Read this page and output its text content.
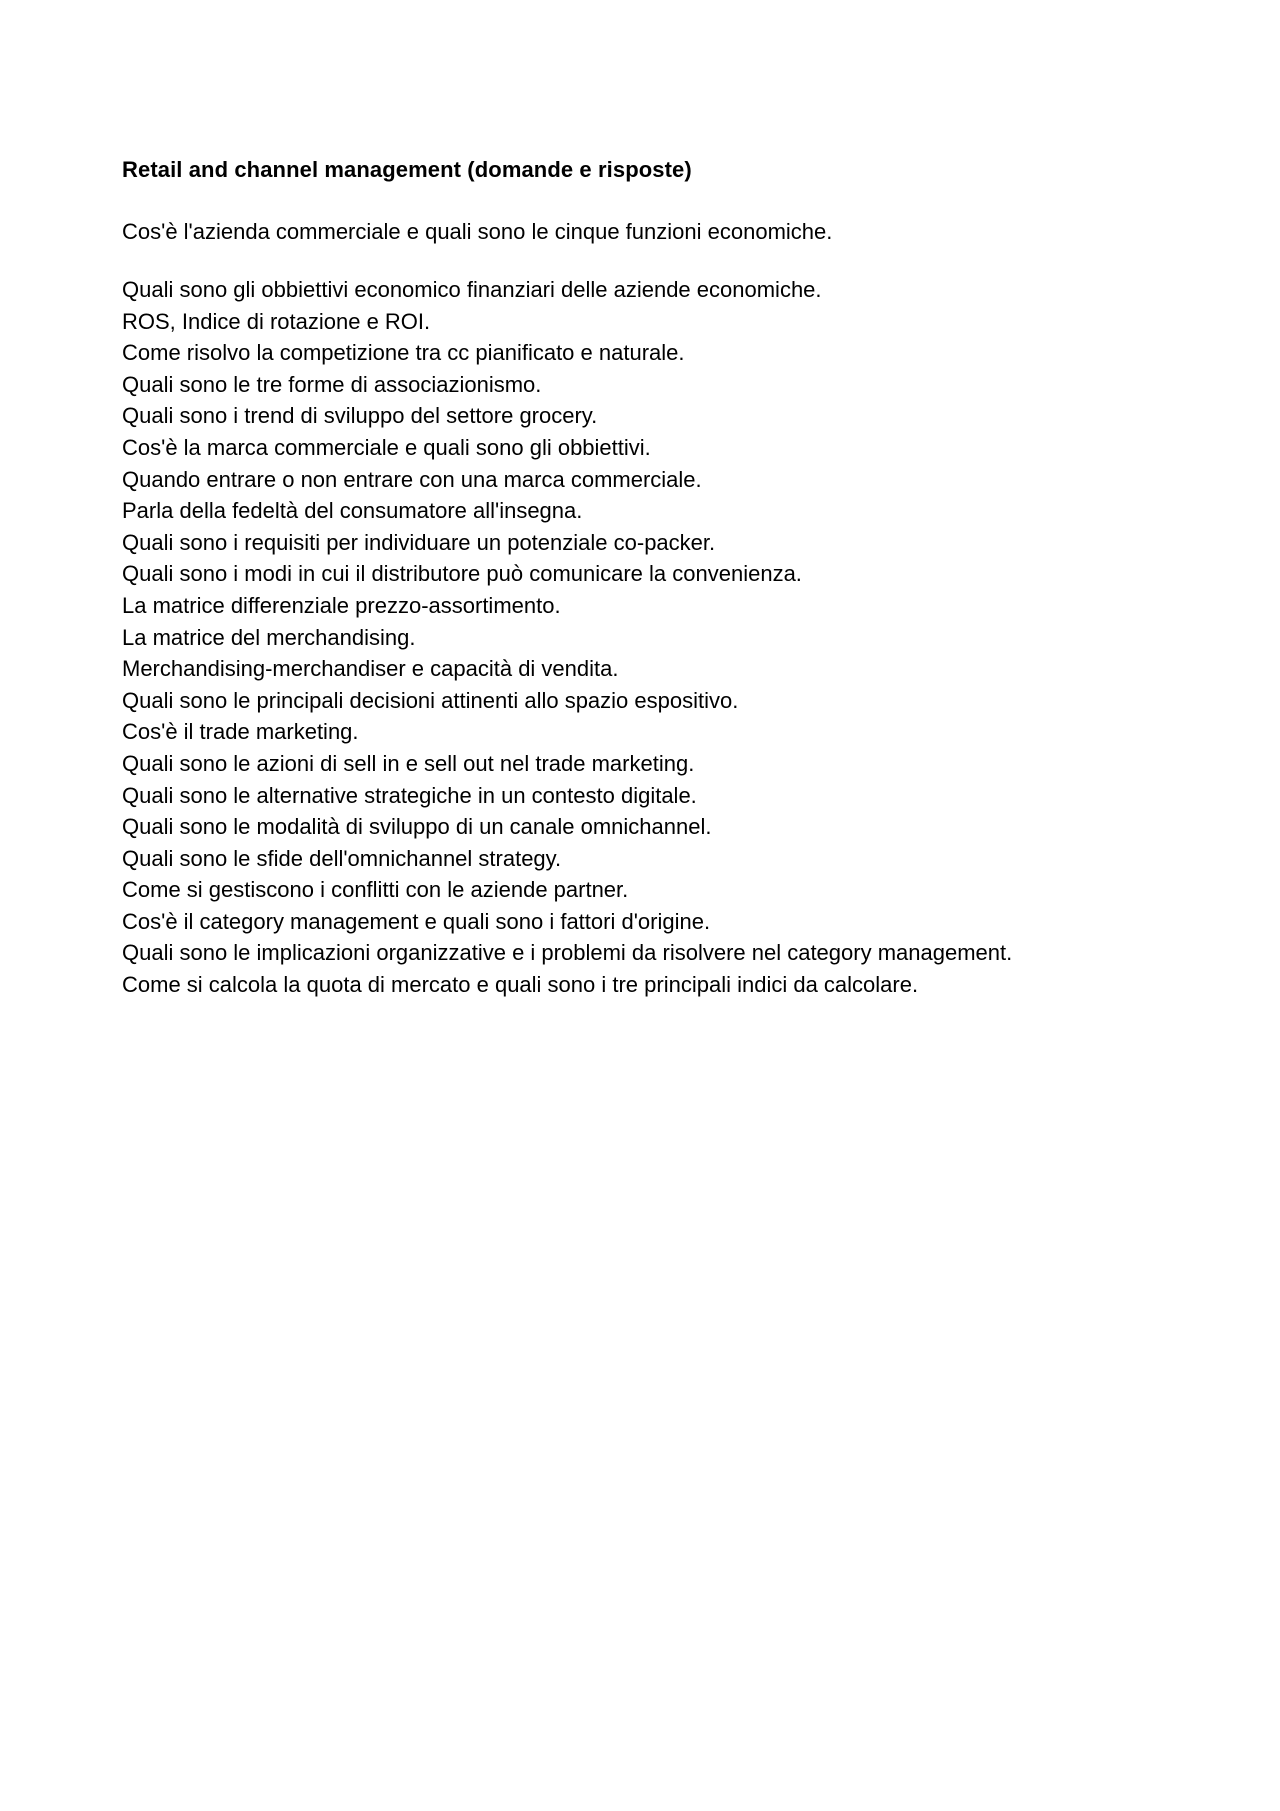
Retail and channel management (domande e risposte)

Cos'è l'azienda commerciale e quali sono le cinque funzioni economiche.

Quali sono gli obbiettivi economico finanziari delle aziende economiche.
ROS, Indice di rotazione e ROI.
Come risolvo la competizione tra cc pianificato e naturale.
Quali sono le tre forme di associazionismo.
Quali sono i trend di sviluppo del settore grocery.
Cos'è la marca commerciale e quali sono gli obbiettivi.
Quando entrare o non entrare con una marca commerciale.
Parla della fedeltà del consumatore all'insegna.
Quali sono i requisiti per individuare un potenziale co-packer.
Quali sono i modi in cui il distributore può comunicare la convenienza.
La matrice differenziale prezzo-assortimento.
La matrice del merchandising.
Merchandising-merchandiser e capacità di vendita.
Quali sono le principali decisioni attinenti allo spazio espositivo.
Cos'è il trade marketing.
Quali sono le azioni di sell in e sell out nel trade marketing.
Quali sono le alternative strategiche in un contesto digitale.
Quali sono le modalità di sviluppo di un canale omnichannel.
Quali sono le sfide dell'omnichannel strategy.
Come si gestiscono i conflitti con le aziende partner.
Cos'è il category management e quali sono i fattori d'origine.
Quali sono le implicazioni organizzative e i problemi da risolvere nel category management.
Come si calcola la quota di mercato e quali sono i tre principali indici da calcolare.
